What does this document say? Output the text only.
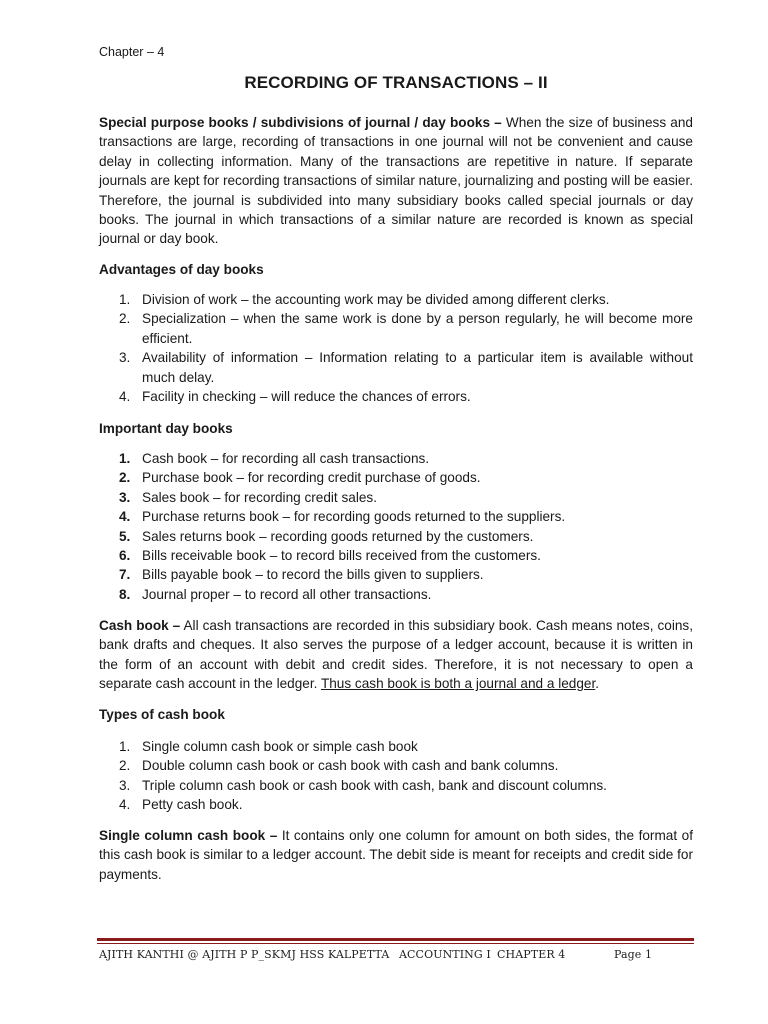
Chapter – 4
RECORDING OF TRANSACTIONS – II

Special purpose books / subdivisions of journal / day books – When the size of business and transactions are large, recording of transactions in one journal will not be convenient and cause delay in collecting information. Many of the transactions are repetitive in nature. If separate journals are kept for recording transactions of similar nature, journalizing and posting will be easier. Therefore, the journal is subdivided into many subsidiary books called special journals or day books. The journal in which transactions of a similar nature are recorded is known as special journal or day book.

Advantages of day books
1. Division of work – the accounting work may be divided among different clerks.
2. Specialization – when the same work is done by a person regularly, he will become more efficient.
3. Availability of information – Information relating to a particular item is available without much delay.
4. Facility in checking – will reduce the chances of errors.
Important day books
1. Cash book – for recording all cash transactions.
2. Purchase book – for recording credit purchase of goods.
3. Sales book – for recording credit sales.
4. Purchase returns book – for recording goods returned to the suppliers.
5. Sales returns book – recording goods returned by the customers.
6. Bills receivable book – to record bills received from the customers.
7. Bills payable book – to record the bills given to suppliers.
8. Journal proper – to record all other transactions.

Cash book – All cash transactions are recorded in this subsidiary book. Cash means notes, coins, bank drafts and cheques. It also serves the purpose of a ledger account, because it is written in the form of an account with debit and credit sides. Therefore, it is not necessary to open a separate cash account in the ledger. Thus cash book is both a journal and a ledger.

Types of cash book
1. Single column cash book or simple cash book
2. Double column cash book or cash book with cash and bank columns.
3. Triple column cash book or cash book with cash, bank and discount columns.
4. Petty cash book.

Single column cash book – It contains only one column for amount on both sides, the format of this cash book is similar to a ledger account. The debit side is meant for receipts and credit side for payments.

AJITH KANTHI @ AJITH P P_SKMJ HSS KALPETTA ACCOUNTING I CHAPTER 4	Page 1
